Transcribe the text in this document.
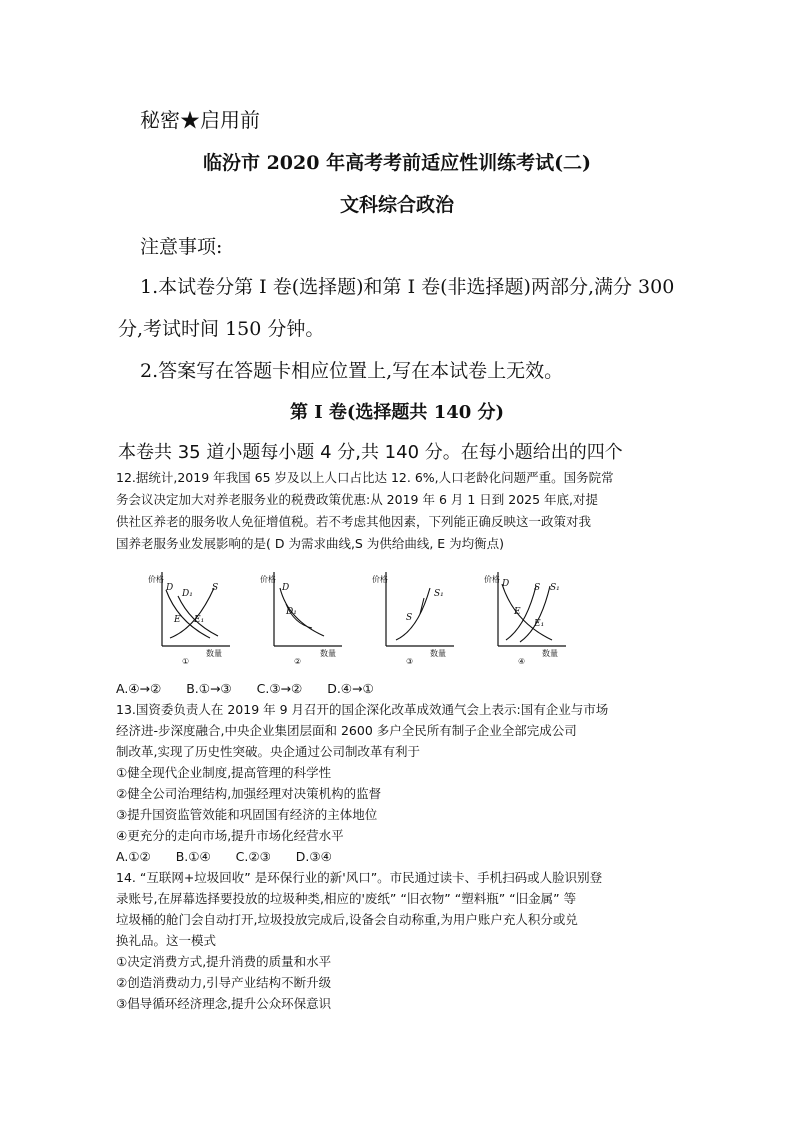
秘密★启用前
临汾市 2020 年高考考前适应性训练考试(二)
文科综合政治
注意事项:
1.本试卷分第 I 卷(选择题)和第 I 卷(非选择题)两部分,满分 300
分,考试时间 150 分钟。
2.答案写在答题卡相应位置上,写在本试卷上无效。
第 I 卷(选择题共 140 分)
本卷共 35 道小题每小题 4 分,共 140 分。在每小题给出的四个
12.据统计,2019 年我国 65 岁及以上人口占比达 12. 6%,人口老龄化问题严重。国务院常
务会议决定加大对养老服务业的税费政策优惠:从 2019 年 6 月 1 日到 2025 年底,对提
供社区养老的服务收人免征增值税。若不考虑其他因素，下列能正确反映这一政策对我
国养老服务业发展影响的是( D 为需求曲线,S 为供给曲线, E 为均衡点)
价格
D
D₁
S
E E₁
数量
①
价格
D
D₁
数量
②
价格
S₁
S
数量
③
价格 D	S S₁
E
E₁
数量
④
A.④→②　　B.①→③　　C.③→②　　D.④→①
13.国资委负责人在 2019 年 9 月召开的国企深化改革成效通气会上表示:国有企业与市场
经济进-步深度融合,中央企业集团层面和 2600 多户全民所有制子企业全部完成公司
制改革,实现了历史性突破。央企通过公司制改革有利于
①健全现代企业制度,提高管理的科学性
②健全公司治理结构,加强经理对决策机构的监督
③提升国资监管效能和巩固国有经济的主体地位
④更充分的走向市场,提升市场化经营水平
A.①②　　B.①④　　C.②③　　D.③④
14. “互联网+垃圾回收” 是环保行业的新'风口”。市民通过读卡、手机扫码或人脸识别登
录账号,在屏幕选择要投放的垃圾种类,相应的'废纸” “旧衣物” “塑料瓶” “旧金属” 等
垃圾桶的舱门会自动打开,垃圾投放完成后,设备会自动称重,为用户账户充人积分或兑
换礼品。这一模式
①决定消费方式,提升消费的质量和水平
②创造消费动力,引导产业结构不断升级
③倡导循环经济理念,提升公众环保意识
